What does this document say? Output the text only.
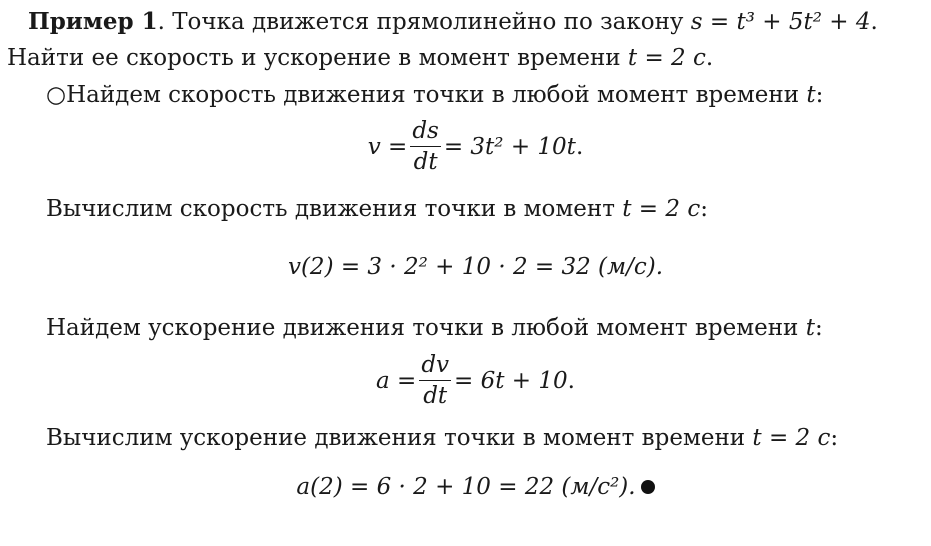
Пример 1. Точка движется прямолинейно по закону s = t³ + 5t² + 4.
Найти ее скорость и ускорение в момент времени t = 2 с.
○Найдем скорость движения точки в любой момент времени t:
$v = \frac{ds}{dt} = 3t^2 + 10t$ .
Вычислим скорость движения точки в момент t = 2 с:
v(2) = 3 · 2² + 10 · 2 = 32 (м/с).
Найдем ускорение движения точки в любой момент времени t:
$a = \frac{dv}{dt} = 6t + 10$ .
Вычислим ускорение движения точки в момент времени t = 2 с:
a(2) = 6 · 2 + 10 = 22 (м/с²).
